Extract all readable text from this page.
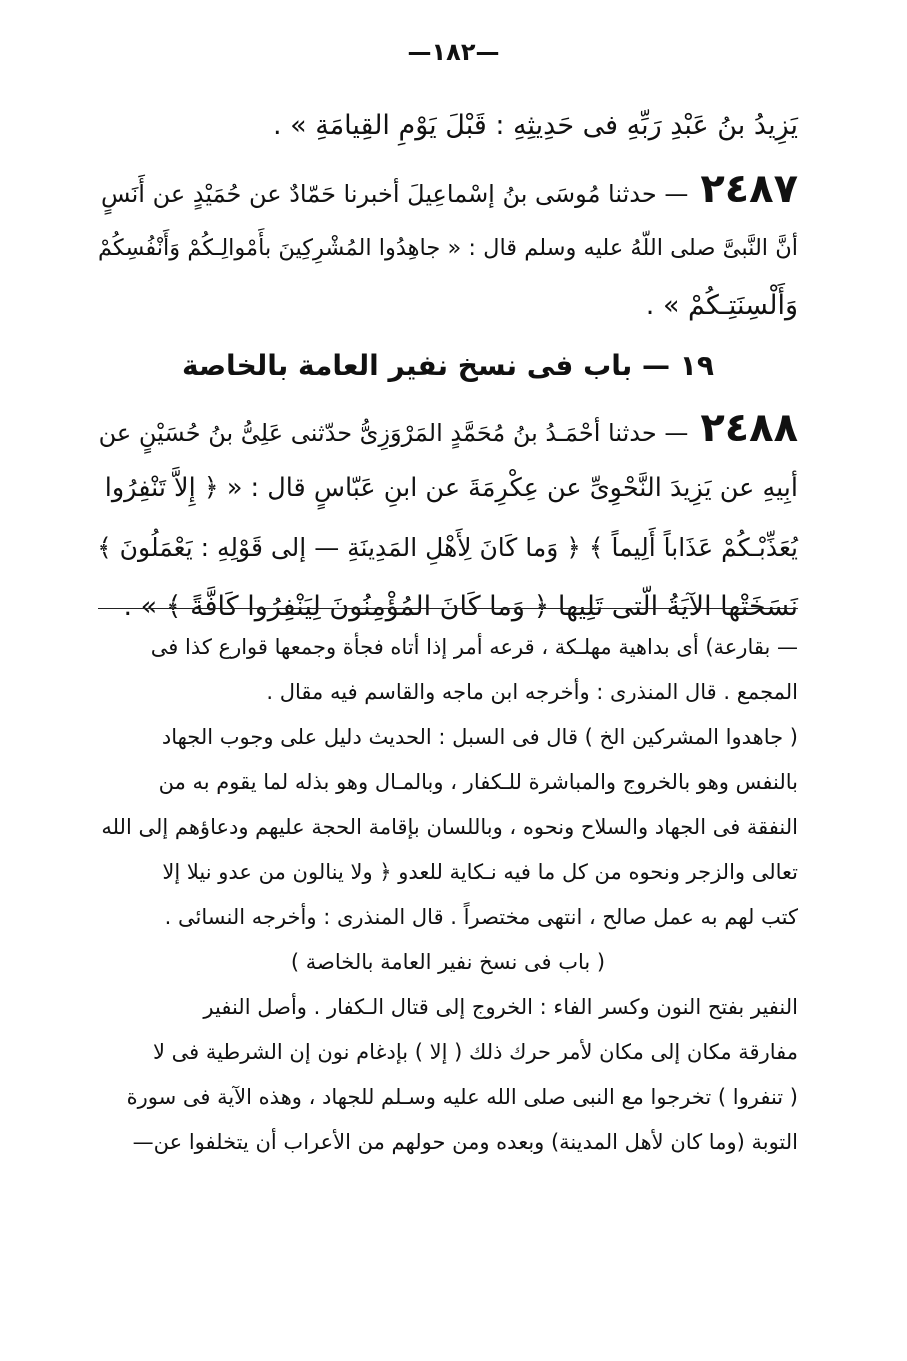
—١٨٢—
يَزِيدُ بنُ عَبْدِ رَبِّهِ فى حَدِيثِهِ : قَبْلَ يَوْمِ القِيامَةِ » .
٢٤٨٧— حدثنا مُوسَى بنُ إسْماعِيلَ أخبرنا حَمّادٌ عن حُمَيْدٍ عن أَنَسٍ
أنَّ النَّبىَّ صلى اللّهُ عليه وسلم قال : « جاهِدُوا المُشْرِكِينَ بأَمْوالِـكُمْ وَأَنْفُسِكُمْ
وَأَلْسِنَتِـكُمْ » .
١٩ — باب فى نسخ نفير العامة بالخاصة
٢٤٨٨— حدثنا أحْمَـدُ بنُ مُحَمَّدٍ المَرْوَزِىُّ حدّثنى عَلِىُّ بنُ حُسَيْنٍ عن
أبِيهِ عن يَزِيدَ النَّحْوِىِّ عن عِكْرِمَةَ عن ابنِ عَبّاسٍ قال : « ﴿ إِلاَّ تَنْفِرُوا
يُعَذِّبْـكُمْ عَذَاباً أَلِيماً ﴾ ﴿ وَما كَانَ لِأَهْلِ المَدِينَةِ — إلى قَوْلِهِ : يَعْمَلُونَ ﴾
نَسَخَتْها الآيَةُ الّتى تَلِيها ﴿ وَما كَانَ المُؤْمِنُونَ لِيَنْفِرُوا كَافَّةً ﴾ » .
— بقارعة) أى بداهية مهلـكة ، قرعه أمر إذا أتاه فجأة وجمعها قوارع كذا فى
المجمع . قال المنذرى : وأخرجه ابن ماجه والقاسم فيه مقال .
( جاهدوا المشركين الخ ) قال فى السبل : الحديث دليل على وجوب الجهاد
بالنفس وهو بالخروج والمباشرة للـكفار ، وبالمـال وهو بذله لما يقوم به من
النفقة فى الجهاد والسلاح ونحوه ، وباللسان بإقامة الحجة عليهم ودعاؤهم إلى الله
تعالى والزجر ونحوه من كل ما فيه نـكاية للعدو ﴿ ولا ينالون من عدو نيلا إلا
كتب لهم به عمل صالح ، انتهى مختصراً . قال المنذرى : وأخرجه النسائى .
( باب فى نسخ نفير العامة بالخاصة )
النفير بفتح النون وكسر الفاء : الخروج إلى قتال الـكفار . وأصل النفير
مفارقة مكان إلى مكان لأمر حرك ذلك ( إلا ) بإدغام نون إن الشرطية فى لا
( تنفروا ) تخرجوا مع النبى صلى الله عليه وسـلم للجهاد ، وهذه الآية فى سورة
التوبة (وما كان لأهل المدينة) وبعده ومن حولهم من الأعراب أن يتخلفوا عن—
